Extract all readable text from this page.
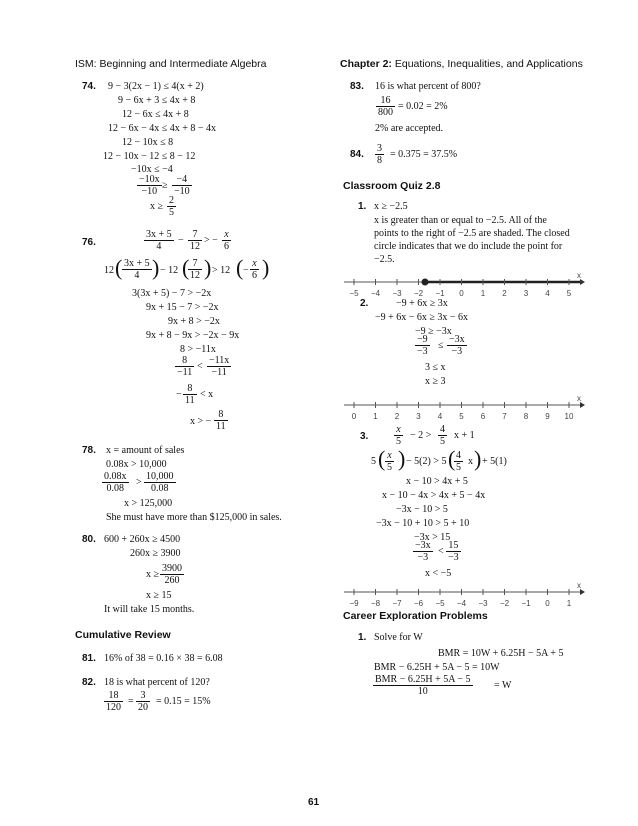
ISM: Beginning and Intermediate Algebra	Chapter 2: Equations, Inequalities, and Applications
74. 9 − 3(2x − 1) ≤ 4(x + 2)
9 − 6x + 3 ≤ 4x + 8
12 − 6x ≤ 4x + 8
12 − 6x − 4x ≤ 4x + 8 − 4x
12 − 10x ≤ 8
12 − 10x − 12 ≤ 8 − 12
−10x ≤ −4
$\frac{-10x}{-10} \ge \frac{-4}{-10}$
$x \ge \frac{2}{5}$
76.	$\frac{3x + 5}{4} - \frac{7}{12}$ > − $\frac{x}{6}$
12 ( $\frac{3x + 5}{4}$ ) − 12 (
$\frac{7}{12}$ ) > 12 ( − $\frac{x}{6}$ )
3(3x + 5) − 7 > −2x
9x + 15 − 7 > −2x
9x + 8 > −2x
9x + 8 − 9x > −2x − 9x
8 > −11x
$\frac{8}{-11} < \frac{-11x}{-11}$
− $\frac{8}{11} < x$
x > − $\frac{8}{11}$
78. x = amount of sales
0.08x > 10,000
$\frac{0.08x}{0.08} > \frac{10,000}{0.08}$
x > 125,000
She must have more than $125,000 in sales.
80. 600 + 260x ≥ 4500
260x ≥ 3900
$x \ge \frac{3900}{260}$
x ≥ 15
It will take 15 months.
Cumulative Review
81. 16% of 38 = 0.16 × 38 = 6.08
82. 18 is what percent of 120?
$\frac{18}{120} = \frac{3}{20} = 0.15 = 15\%$
83. 16 is what percent of 800?
$\frac{16}{800} = 0.02 = 2\%$
2% are accepted.
84. $\frac{3}{8} = 0.375 = 37.5\%$
Classroom Quiz 2.8
1. x ≥ −2.5
x is greater than or equal to −2.5. All of the
points to the right of −2.5 are shaded. The closed
circle indicates that we do include the point for
−2.5.
−5 −4 −3 −2 −1 0 1 2 3 4 5
x
2.	−9 + 6x ≥ 3x
−9 + 6x − 6x ≥ 3x − 6x
−9 ≥ −3x
$\frac{-9}{-3} \le \frac{-3x}{-3}$
3 ≤ x
x ≥ 3
0 1 2 3 4 5 6 7 8 9 10
x
3.	$\frac{x}{5} - 2 > \frac{4}{5}$ x + 1
5 ( $\frac{x}{5}$ ) − 5(2) > 5 (
$\frac{4}{5}$ x ) + 5(1)
x − 10 > 4x + 5
x − 10 − 4x > 4x + 5 − 4x
−3x − 10 > 5
−3x − 10 + 10 > 5 + 10
−3x > 15
$\frac{-3x}{-3} < \frac{15}{-3}$
x < −5
−9 −8 −7 −6 −5 −4 −3 −2 −1 0 1
x
Career Exploration Problems
1. Solve for W
BMR = 10W + 6.25H − 5A + 5
BMR − 6.25H + 5A − 5 = 10W
BMR − 6.25H + 5A − 5
10
= W
61
